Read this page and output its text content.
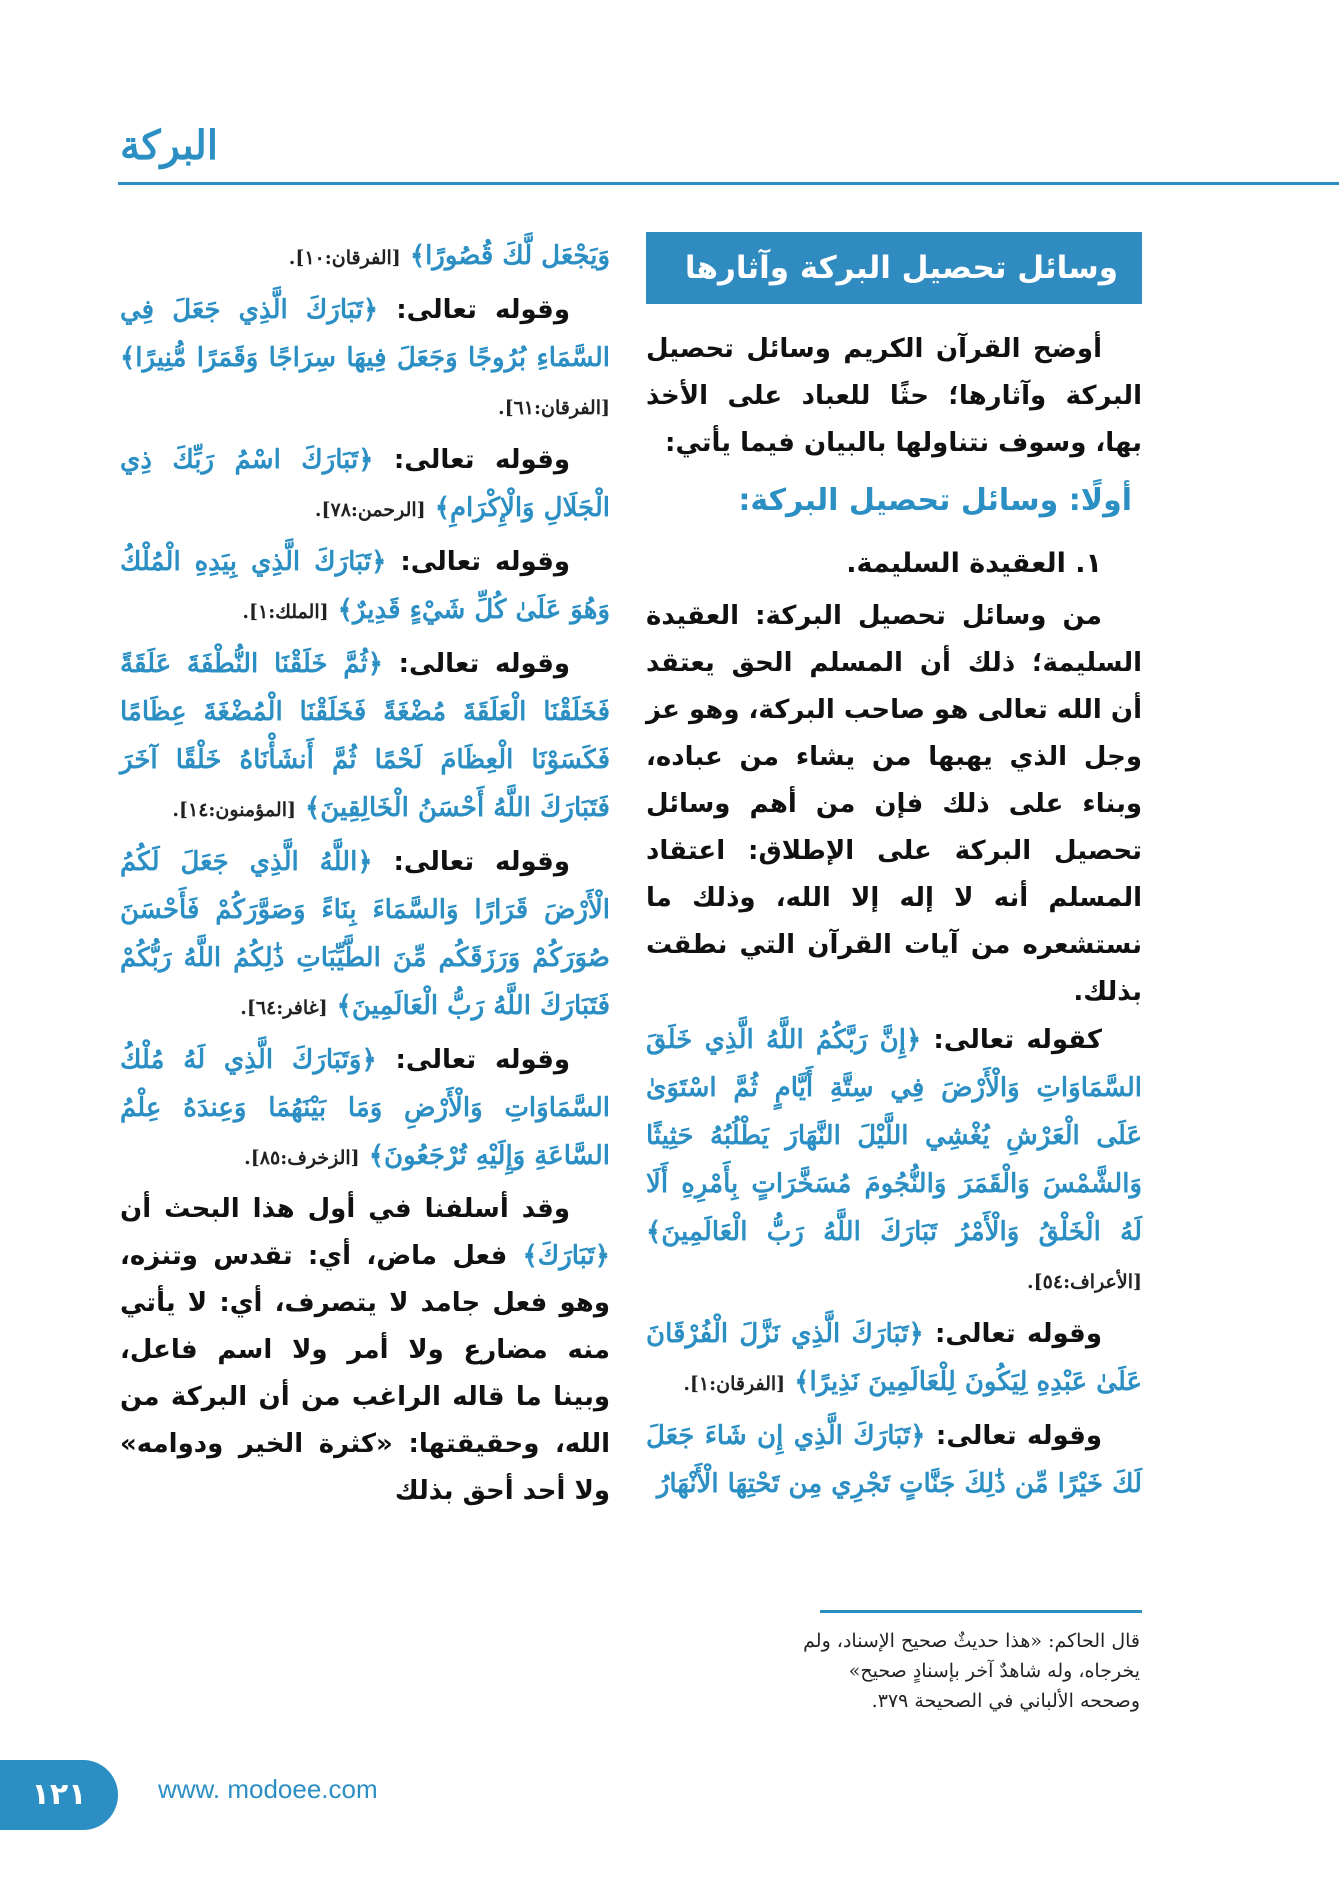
البركة
وسائل تحصيل البركة وآثارها

أوضح القرآن الكريم وسائل تحصيل البركة وآثارها؛ حثًا للعباد على الأخذ بها، وسوف نتناولها بالبيان فيما يأتي:

أولًا: وسائل تحصيل البركة:

١. العقيدة السليمة.

من وسائل تحصيل البركة: العقيدة السليمة؛ ذلك أن المسلم الحق يعتقد أن الله تعالى هو صاحب البركة، وهو عز وجل الذي يهبها من يشاء من عباده، وبناء على ذلك فإن من أهم وسائل تحصيل البركة على الإطلاق: اعتقاد المسلم أنه لا إله إلا الله، وذلك ما نستشعره من آيات القرآن التي نطقت بذلك.

كقوله تعالى: ﴿إِنَّ رَبَّكُمُ اللَّهُ الَّذِي خَلَقَ السَّمَاوَاتِ وَالْأَرْضَ فِي سِتَّةِ أَيَّامٍ ثُمَّ اسْتَوَىٰ عَلَى الْعَرْشِ يُغْشِي اللَّيْلَ النَّهَارَ يَطْلُبُهُ حَثِيثًا وَالشَّمْسَ وَالْقَمَرَ وَالنُّجُومَ مُسَخَّرَاتٍ بِأَمْرِهِ أَلَا لَهُ الْخَلْقُ وَالْأَمْرُ تَبَارَكَ اللَّهُ رَبُّ الْعَالَمِينَ﴾ [الأعراف:٥٤].

وقوله تعالى: ﴿تَبَارَكَ الَّذِي نَزَّلَ الْفُرْقَانَ عَلَىٰ عَبْدِهِ لِيَكُونَ لِلْعَالَمِينَ نَذِيرًا﴾ [الفرقان:١].

وقوله تعالى: ﴿تَبَارَكَ الَّذِي إِن شَاءَ جَعَلَ لَكَ خَيْرًا مِّن ذَٰلِكَ جَنَّاتٍ تَجْرِي مِن تَحْتِهَا الْأَنْهَارُ

قال الحاكم: «هذا حديثٌ صحيح الإسناد، ولم يخرجاه، وله شاهدٌ آخر بإسنادٍ صحيح» وصححه الألباني في الصحيحة ٣٧٩.

وَيَجْعَل لَّكَ قُصُورًا﴾ [الفرقان:١٠].

وقوله تعالى: ﴿تَبَارَكَ الَّذِي جَعَلَ فِي السَّمَاءِ بُرُوجًا وَجَعَلَ فِيهَا سِرَاجًا وَقَمَرًا مُّنِيرًا﴾ [الفرقان:٦١].

وقوله تعالى: ﴿تَبَارَكَ اسْمُ رَبِّكَ ذِي الْجَلَالِ وَالْإِكْرَامِ﴾ [الرحمن:٧٨].

وقوله تعالى: ﴿تَبَارَكَ الَّذِي بِيَدِهِ الْمُلْكُ وَهُوَ عَلَىٰ كُلِّ شَيْءٍ قَدِيرٌ﴾ [الملك:١].

وقوله تعالى: ﴿ثُمَّ خَلَقْنَا النُّطْفَةَ عَلَقَةً فَخَلَقْنَا الْعَلَقَةَ مُضْغَةً فَخَلَقْنَا الْمُضْغَةَ عِظَامًا فَكَسَوْنَا الْعِظَامَ لَحْمًا ثُمَّ أَنشَأْنَاهُ خَلْقًا آخَرَ فَتَبَارَكَ اللَّهُ أَحْسَنُ الْخَالِقِينَ﴾ [المؤمنون:١٤].

وقوله تعالى: ﴿اللَّهُ الَّذِي جَعَلَ لَكُمُ الْأَرْضَ قَرَارًا وَالسَّمَاءَ بِنَاءً وَصَوَّرَكُمْ فَأَحْسَنَ صُوَرَكُمْ وَرَزَقَكُم مِّنَ الطَّيِّبَاتِ ذَٰلِكُمُ اللَّهُ رَبُّكُمْ فَتَبَارَكَ اللَّهُ رَبُّ الْعَالَمِينَ﴾ [غافر:٦٤].

وقوله تعالى: ﴿وَتَبَارَكَ الَّذِي لَهُ مُلْكُ السَّمَاوَاتِ وَالْأَرْضِ وَمَا بَيْنَهُمَا وَعِندَهُ عِلْمُ السَّاعَةِ وَإِلَيْهِ تُرْجَعُونَ﴾ [الزخرف:٨٥].

وقد أسلفنا في أول هذا البحث أن ﴿تَبَارَكَ﴾ فعل ماض، أي: تقدس وتنزه، وهو فعل جامد لا يتصرف، أي: لا يأتي منه مضارع ولا أمر ولا اسم فاعل، وبينا ما قاله الراغب من أن البركة من الله، وحقيقتها: «كثرة الخير ودوامه» ولا أحد أحق بذلك

١٢١	www. modoee.com
